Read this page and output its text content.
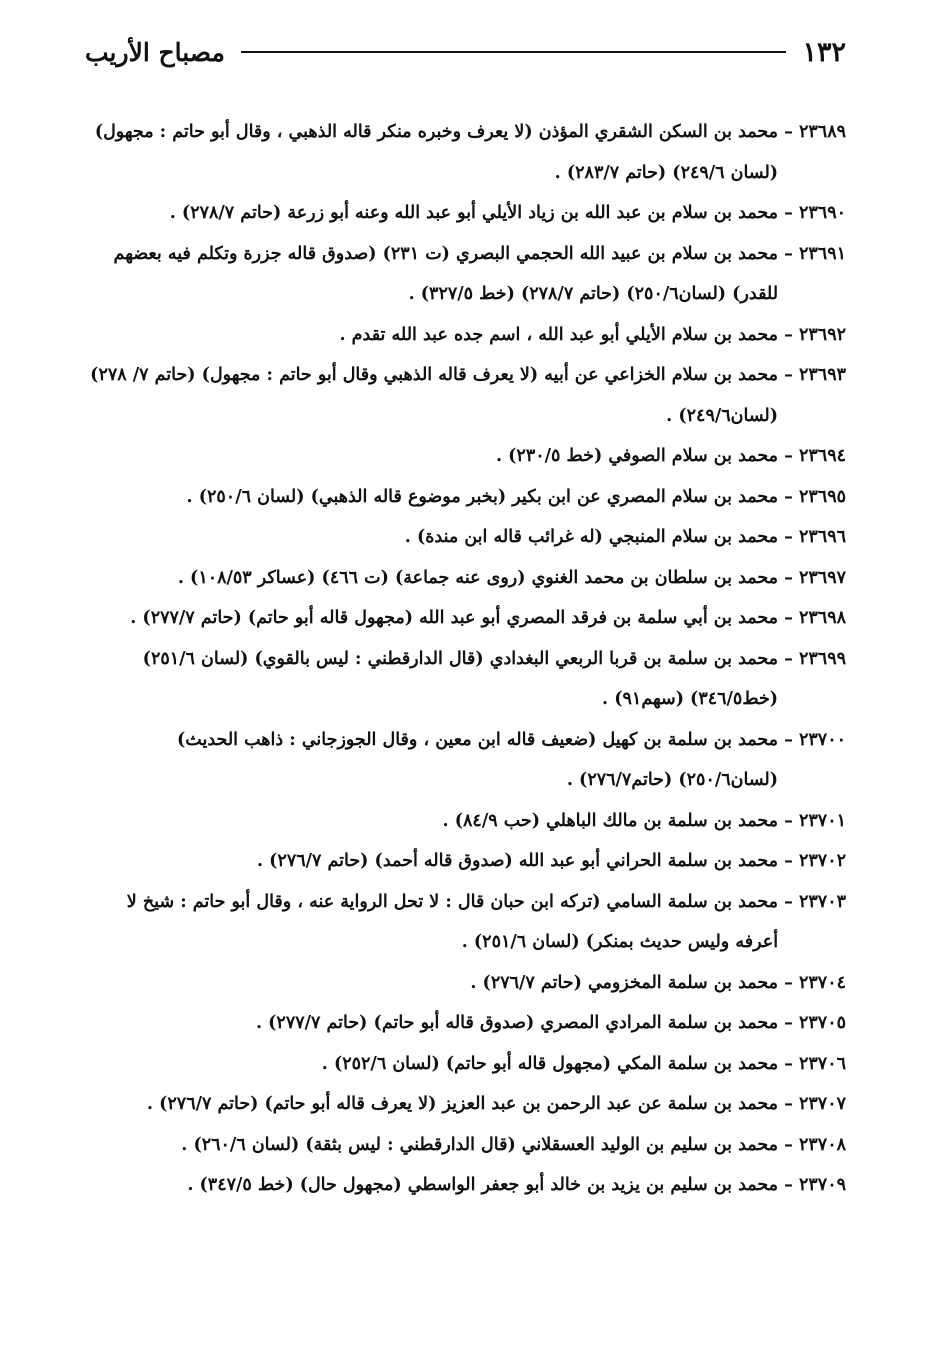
١٣٢
مصباح الأريب
٢٣٦٨٩ –

محمد بن السكن الشقري المؤذن (لا يعرف وخبره منكر قاله الذهبي ، وقال أبو حاتم : مجهول) (لسان ٢٤٩/٦) (حاتم ٢٨٣/٧) .
٢٣٦٩٠ –

محمد بن سلام بن عبد الله بن زياد الأيلي أبو عبد الله وعنه أبو زرعة (حاتم ٢٧٨/٧) .
٢٣٦٩١ –

محمد بن سلام بن عبيد الله الحجمي البصري (ت ٢٣١) (صدوق قاله جزرة وتكلم فيه بعضهم للقدر) (لسان٢٥٠/٦) (حاتم ٢٧٨/٧) (خط ٣٢٧/٥) .
٢٣٦٩٢ –

محمد بن سلام الأيلي أبو عبد الله ، اسم جده عبد الله تقدم .
٢٣٦٩٣ –

محمد بن سلام الخزاعي عن أبيه (لا يعرف قاله الذهبي وقال أبو حاتم : مجهول) (حاتم ٧/ ٢٧٨) (لسان٢٤٩/٦) .
٢٣٦٩٤ –

محمد بن سلام الصوفي (خط ٢٣٠/٥) .
٢٣٦٩٥ –

محمد بن سلام المصري عن ابن بكير (بخبر موضوع قاله الذهبي) (لسان ٢٥٠/٦) .
٢٣٦٩٦ –

محمد بن سلام المنبجي (له غرائب قاله ابن مندة) .
٢٣٦٩٧ –

محمد بن سلطان بن محمد الغنوي (روى عنه جماعة) (ت ٤٦٦) (عساكر ١٠٨/٥٣) .
٢٣٦٩٨ –

محمد بن أبي سلمة بن فرقد المصري أبو عبد الله (مجهول قاله أبو حاتم) (حاتم ٢٧٧/٧) .
٢٣٦٩٩ –

محمد بن سلمة بن قربا الربعي البغدادي (قال الدارقطني : ليس بالقوي) (لسان ٢٥١/٦) (خط٣٤٦/٥) (سهم٩١) .
٢٣٧٠٠ –

محمد بن سلمة بن كهيل (ضعيف قاله ابن معين ، وقال الجوزجاني : ذاهب الحديث) (لسان٢٥٠/٦) (حاتم٢٧٦/٧) .
٢٣٧٠١ –

محمد بن سلمة بن مالك الباهلي (حب ٨٤/٩) .
٢٣٧٠٢ –

محمد بن سلمة الحراني أبو عبد الله (صدوق قاله أحمد) (حاتم ٢٧٦/٧) .
٢٣٧٠٣ –

محمد بن سلمة السامي (تركه ابن حبان قال : لا تحل الرواية عنه ، وقال أبو حاتم : شيخ لا أعرفه وليس حديث بمنكر) (لسان ٢٥١/٦) .
٢٣٧٠٤ –

محمد بن سلمة المخزومي (حاتم ٢٧٦/٧) .
٢٣٧٠٥ –

محمد بن سلمة المرادي المصري (صدوق قاله أبو حاتم) (حاتم ٢٧٧/٧) .
٢٣٧٠٦ –

محمد بن سلمة المكي (مجهول قاله أبو حاتم) (لسان ٢٥٢/٦) .
٢٣٧٠٧ –

محمد بن سلمة عن عبد الرحمن بن عبد العزيز (لا يعرف قاله أبو حاتم) (حاتم ٢٧٦/٧) .
٢٣٧٠٨ –

محمد بن سليم بن الوليد العسقلاني (قال الدارقطني : ليس بثقة) (لسان ٢٦٠/٦) .
٢٣٧٠٩ –

محمد بن سليم بن يزيد بن خالد أبو جعفر الواسطي (مجهول حال) (خط ٣٤٧/٥) .
